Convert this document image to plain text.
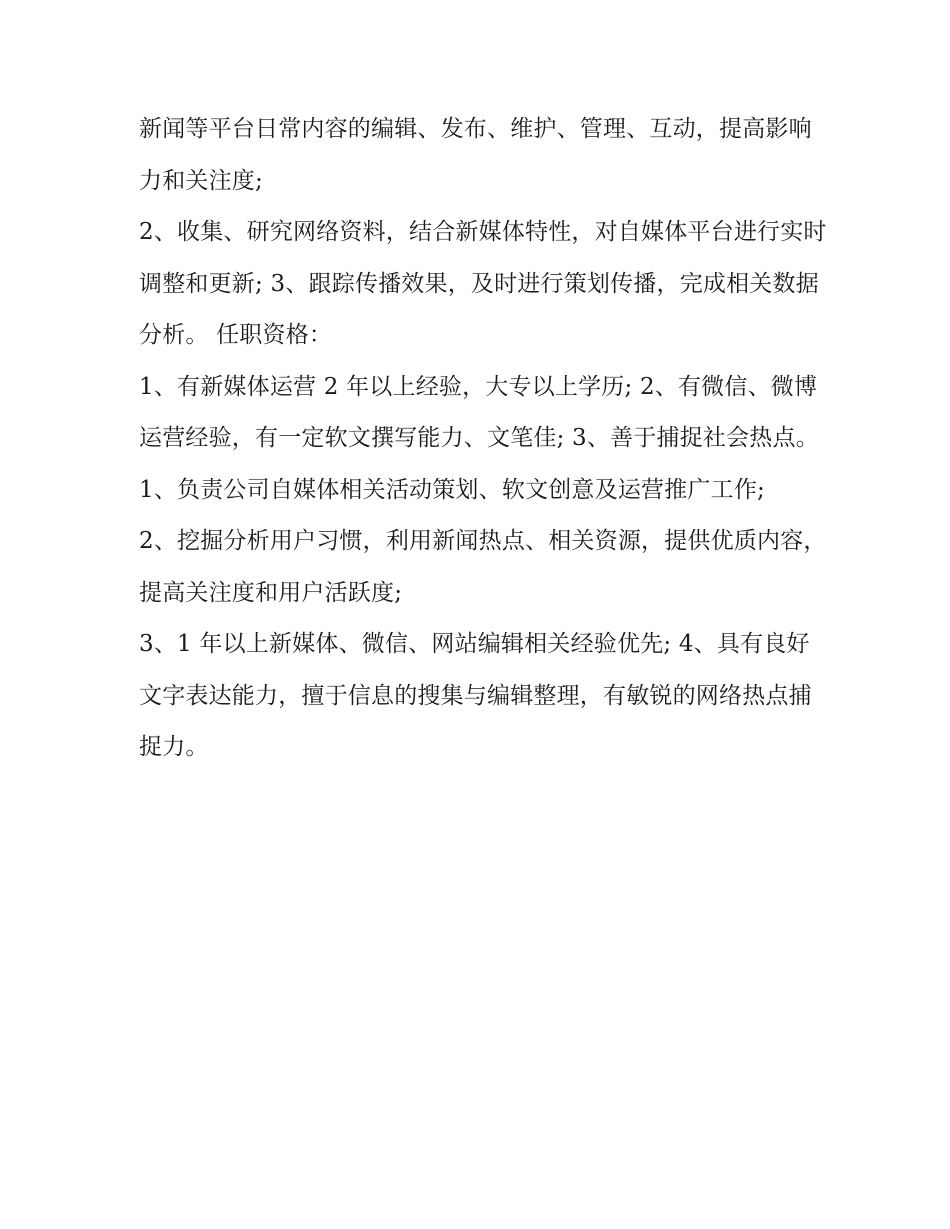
新闻等平台日常内容的编辑、发布、维护、管理、互动，提高影响力和关注度;

2、收集、研究网络资料，结合新媒体特性，对自媒体平台进行实时调整和更新; 3、跟踪传播效果，及时进行策划传播，完成相关数据分析。 任职资格：

1、有新媒体运营 2 年以上经验，大专以上学历; 2、有微信、微博运营经验，有一定软文撰写能力、文笔佳; 3、善于捕捉社会热点。

1、负责公司自媒体相关活动策划、软文创意及运营推广工作;

2、挖掘分析用户习惯，利用新闻热点、相关资源，提供优质内容，提高关注度和用户活跃度;

3、1 年以上新媒体、微信、网站编辑相关经验优先; 4、具有良好文字表达能力，擅于信息的搜集与编辑整理，有敏锐的网络热点捕捉力。
